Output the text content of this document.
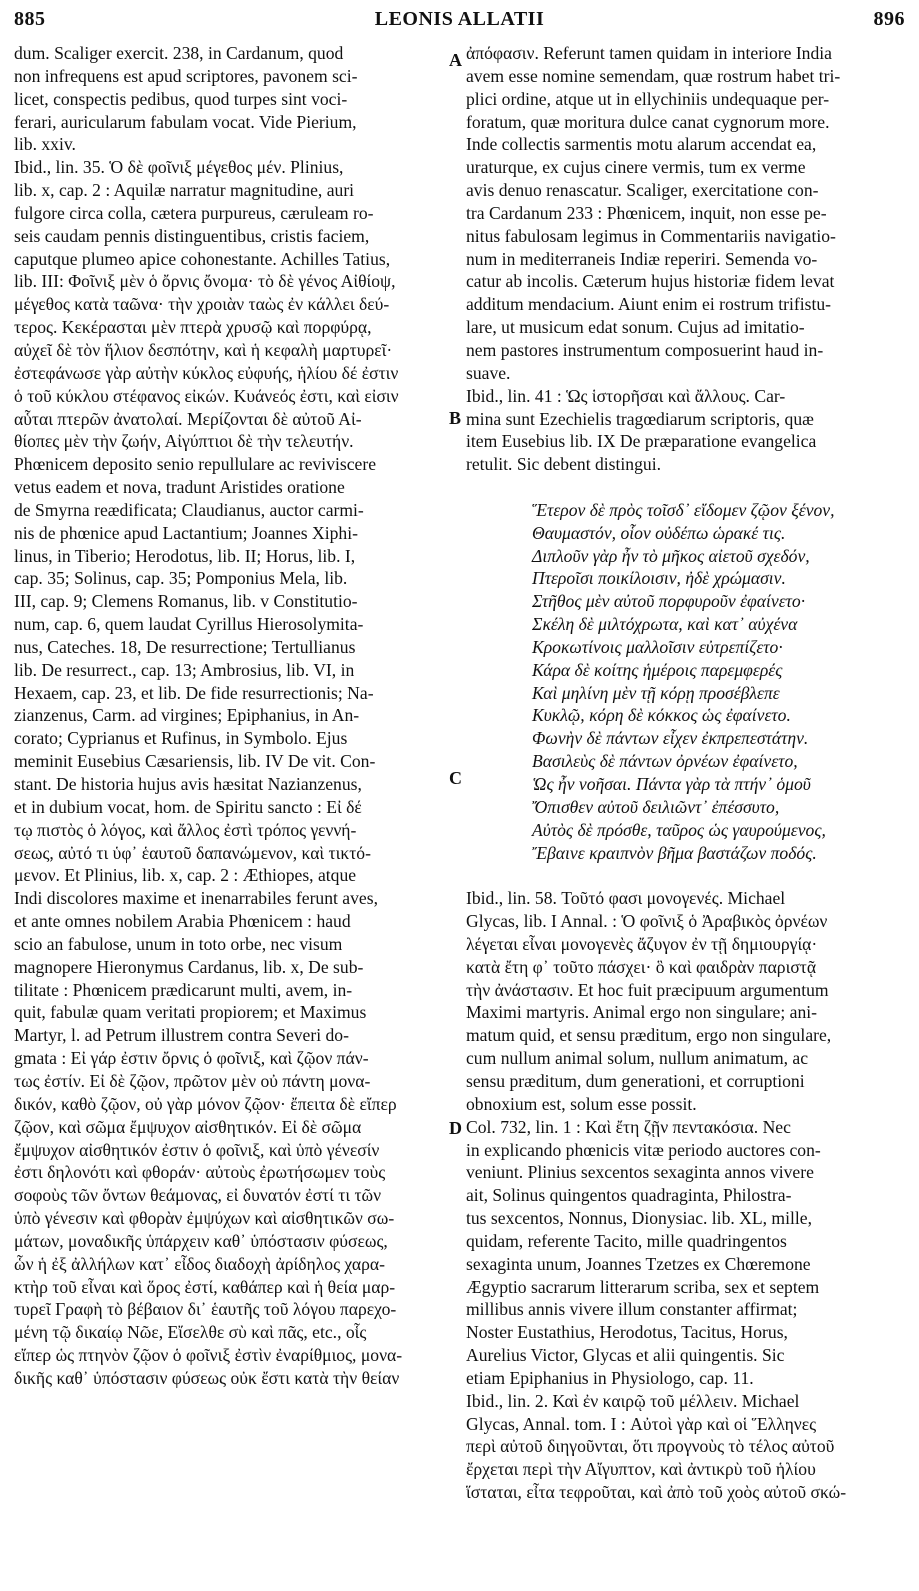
885	LEONIS ALLATII	896
dum. Scaliger exercit. 238, in Cardanum, quod
non infrequens est apud scriptores, pavonem sci-
licet, conspectis pedibus, quod turpes sint voci-
ferari, auricularum fabulam vocat. Vide Pierium,
lib. xxiv.
Ibid., lin. 35. Ὁ δὲ φοῖνιξ μέγεθος μέν. Plinius,
lib. x, cap. 2 : Aquilæ narratur magnitudine, auri
fulgore circa colla, cætera purpureus, cæruleam ro-
seis caudam pennis distinguentibus, cristis faciem,
caputque plumeo apice cohonestante. Achilles Tatius,
lib. III: Φοῖνιξ μὲν ὁ ὄρνις ὄνομα· τὸ δὲ γένος Αἰθίοψ,
μέγεθος κατὰ ταῶνα· τὴν χροιὰν ταὼς ἐν κάλλει δεύ-
τερος. Κεκέρασται μὲν πτερὰ χρυσῷ καὶ πορφύρᾳ,
αὐχεῖ δὲ τὸν ἥλιον δεσπότην, καὶ ἡ κεφαλὴ μαρτυρεῖ·
ἐστεφάνωσε γὰρ αὐτὴν κύκλος εὐφυής, ἡλίου δέ ἐστιν
ὁ τοῦ κύκλου στέφανος εἰκών. Κυάνεός ἐστι, καὶ εἰσιν
αὗται πτερῶν ἀνατολαί. Μερίζονται δὲ αὐτοῦ Αἰ-
θίοπες μὲν τὴν ζωήν, Αἰγύπτιοι δὲ τὴν τελευτήν.
Phœnicem deposito senio repullulare ac reviviscere
vetus eadem et nova, tradunt Aristides oratione
de Smyrna reædificata; Claudianus, auctor carmi-
nis de phœnice apud Lactantium; Joannes Xiphi-
linus, in Tiberio; Herodotus, lib. II; Horus, lib. I,
cap. 35; Solinus, cap. 35; Pomponius Mela, lib.
III, cap. 9; Clemens Romanus, lib. v Constitutio-
num, cap. 6, quem laudat Cyrillus Hierosolymita-
nus, Cateches. 18, De resurrectione; Tertullianus
lib. De resurrect., cap. 13; Ambrosius, lib. VI, in
Hexaem, cap. 23, et lib. De fide resurrectionis; Na-
zianzenus, Carm. ad virgines; Epiphanius, in An-
corato; Cyprianus et Rufinus, in Symbolo. Ejus
meminit Eusebius Cæsariensis, lib. IV De vit. Con-
stant. De historia hujus avis hæsitat Nazianzenus,
et in dubium vocat, hom. de Spiritu sancto : Εἰ δέ
τῳ πιστὸς ὁ λόγος, καὶ ἄλλος ἐστὶ τρόπος γεννή-
σεως, αὐτό τι ὑφ᾽ ἑαυτοῦ δαπανώμενον, καὶ τικτό-
μενον. Et Plinius, lib. x, cap. 2 : Æthiopes, atque
Indi discolores maxime et inenarrabiles ferunt aves,
et ante omnes nobilem Arabia Phœnicem : haud
scio an fabulose, unum in toto orbe, nec visum
magnopere Hieronymus Cardanus, lib. x, De sub-
tilitate : Phœnicem prædicarunt multi, avem, in-
quit, fabulæ quam veritati propiorem; et Maximus
Martyr, l. ad Petrum illustrem contra Severi do-
gmata : Εἰ γάρ ἐστιν ὄρνις ὁ φοῖνιξ, καὶ ζῷον πάν-
τως ἐστίν. Εἰ δὲ ζῷον, πρῶτον μὲν οὐ πάντη μονα-
δικόν, καθὸ ζῷον, οὐ γὰρ μόνον ζῷον· ἔπειτα δὲ εἴπερ
ζῷον, καὶ σῶμα ἔμψυχον αἰσθητικόν. Εἰ δὲ σῶμα
ἔμψυχον αἰσθητικόν ἐστιν ὁ φοῖνιξ, καὶ ὑπὸ γένεσίν
ἐστι δηλονότι καὶ φθοράν· αὐτοὺς ἐρωτήσωμεν τοὺς
σοφοὺς τῶν ὄντων θεάμονας, εἰ δυνατόν ἐστί τι τῶν
ὑπὸ γένεσιν καὶ φθορὰν ἐμψύχων καὶ αἰσθητικῶν σω-
μάτων, μοναδικῆς ὑπάρχειν καθ᾽ ὑπόστασιν φύσεως,
ὧν ἡ ἐξ ἀλλήλων κατ᾽ εἶδος διαδοχὴ ἀρίδηλος χαρα-
κτὴρ τοῦ εἶναι καὶ ὅρος ἐστί, καθάπερ καὶ ἡ θεία μαρ-
τυρεῖ Γραφὴ τὸ βέβαιον δι᾽ ἑαυτῆς τοῦ λόγου παρεχο-
μένη τῷ δικαίῳ Νῶε, Εἴσελθε σὺ καὶ πᾶς, etc., οἷς
εἴπερ ὡς πτηνὸν ζῷον ὁ φοῖνιξ ἐστὶν ἐναρίθμιος, μονα-
δικῆς καθ᾽ ὑπόστασιν φύσεως οὐκ ἔστι κατὰ τὴν θείαν
ἀπόφασιν. Referunt tamen quidam in interiore India
avem esse nomine semendam, quæ rostrum habet tri-
plici ordine, atque ut in ellychiniis undequaque per-
foratum, quæ moritura dulce canat cygnorum more.
Inde collectis sarmentis motu alarum accendat ea,
uraturque, ex cujus cinere vermis, tum ex verme
avis denuo renascatur. Scaliger, exercitatione con-
tra Cardanum 233 : Phœnicem, inquit, non esse pe-
nitus fabulosam legimus in Commentariis navigatio-
num in mediterraneis Indiæ reperiri. Semenda vo-
catur ab incolis. Cæterum hujus historiæ fidem levat
additum mendacium. Aiunt enim ei rostrum trifistu-
lare, ut musicum edat sonum. Cujus ad imitatio-
nem pastores instrumentum composuerint haud in-
suave.
Ibid., lin. 41 : Ὡς ἱστορῆσαι καὶ ἄλλους. Car-
mina sunt Ezechielis tragœdiarum scriptoris, quæ
item Eusebius lib. IX De præparatione evangelica
retulit. Sic debent distingui.
Ἕτερον δὲ πρὸς τοῖσδ᾽ εἴδομεν ζῷον ξένον,
Θαυμαστόν, οἷον οὐδέπω ὡρακέ τις.
Διπλοῦν γὰρ ἦν τὸ μῆκος αἰετοῦ σχεδόν,
Πτεροῖσι ποικίλοισιν, ἠδὲ χρώμασιν.
Στῆθος μὲν αὐτοῦ πορφυροῦν ἐφαίνετο·
Σκέλη δὲ μιλτόχρωτα, καὶ κατ᾽ αὐχένα
Κροκωτίνοις μαλλοῖσιν εὐτρεπίζετο·
Κάρα δὲ κοίτης ἡμέροις παρεμφερές
Καὶ μηλίνη μὲν τῇ κόρῃ προσέβλεπε
Κυκλῷ, κόρη δὲ κόκκος ὡς ἐφαίνετο.
Φωνὴν δὲ πάντων εἶχεν ἐκπρεπεστάτην.
Βασιλεὺς δὲ πάντων ὀρνέων ἐφαίνετο,
Ὡς ἦν νοῆσαι. Πάντα γὰρ τὰ πτήν᾽ ὁμοῦ
Ὄπισθεν αὐτοῦ δειλιῶντ᾽ ἐπέσσυτο,
Αὐτὸς δὲ πρόσθε, ταῦρος ὡς γαυρούμενος,
Ἔβαινε κραιπνὸν βῆμα βαστάζων ποδός.
Ibid., lin. 58. Τοῦτό φασι μονογενές. Michael
Glycas, lib. I Annal. : Ὁ φοῖνιξ ὁ Ἀραβικὸς ὀρνέων
λέγεται εἶναι μονογενὲς ἄζυγον ἐν τῇ δημιουργίᾳ·
κατὰ ἔτη φ᾽ τοῦτο πάσχει· ὃ καὶ φαιδρὰν παριστᾷ
τὴν ἀνάστασιν. Et hoc fuit præcipuum argumentum
Maximi martyris. Animal ergo non singulare; ani-
matum quid, et sensu præditum, ergo non singulare,
cum nullum animal solum, nullum animatum, ac
sensu præditum, dum generationi, et corruptioni
obnoxium est, solum esse possit.
Col. 732, lin. 1 : Καὶ ἔτη ζῇν πεντακόσια. Nec
in explicando phœnicis vitæ periodo auctores con-
veniunt. Plinius sexcentos sexaginta annos vivere
ait, Solinus quingentos quadraginta, Philostra-
tus sexcentos, Nonnus, Dionysiac. lib. XL, mille,
quidam, referente Tacito, mille quadringentos
sexaginta unum, Joannes Tzetzes ex Chœremone
Ægyptio sacrarum litterarum scriba, sex et septem
millibus annis vivere illum constanter affirmat;
Noster Eustathius, Herodotus, Tacitus, Horus,
Aurelius Victor, Glycas et alii quingentis. Sic
etiam Epiphanius in Physiologo, cap. 11.
Ibid., lin. 2. Καὶ ἐν καιρῷ τοῦ μέλλειν. Michael
Glycas, Annal. tom. I : Αὐτοὶ γὰρ καὶ οἱ Ἕλληνες
περὶ αὐτοῦ διηγοῦνται, ὅτι προγνοὺς τὸ τέλος αὐτοῦ
ἔρχεται περὶ τὴν Αἴγυπτον, καὶ ἀντικρὺ τοῦ ἡλίου
ἵσταται, εἶτα τεφροῦται, καὶ ἀπὸ τοῦ χοὸς αὐτοῦ σκώ-
A
B
C
D
